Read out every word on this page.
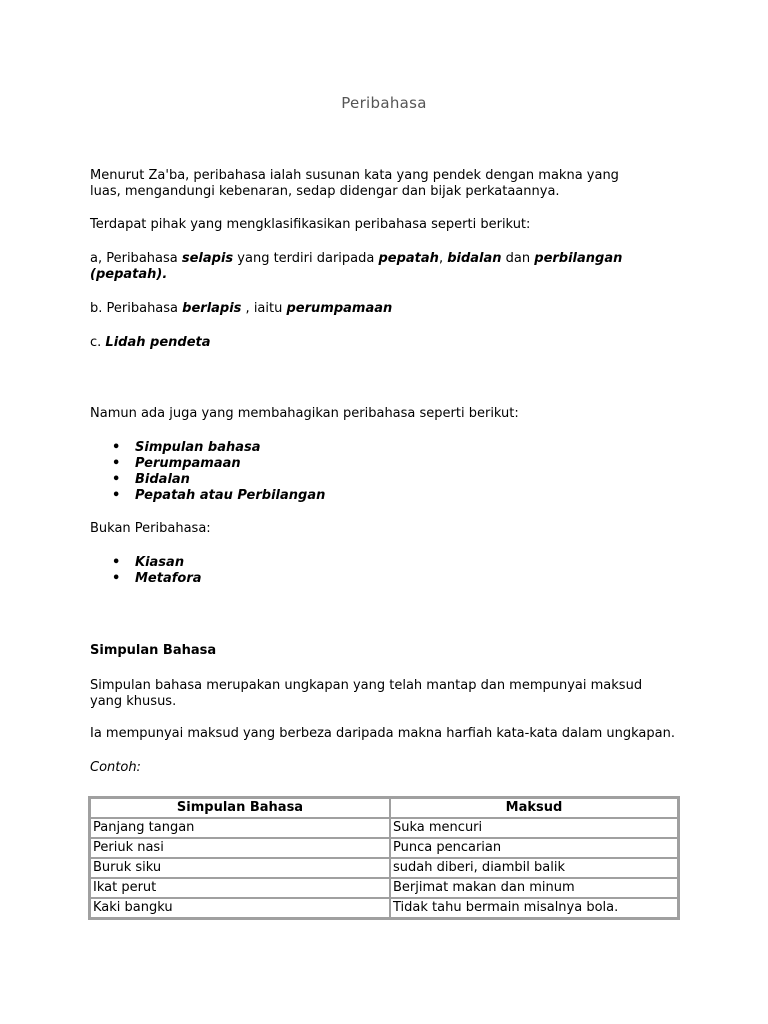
Peribahasa
Menurut Za'ba, peribahasa ialah susunan kata yang pendek dengan makna yang luas, mengandungi kebenaran, sedap didengar dan bijak perkataannya.
Terdapat pihak yang mengklasifikasikan peribahasa seperti berikut:
a, Peribahasa selapis yang terdiri daripada pepatah, bidalan dan perbilangan (pepatah).
b. Peribahasa berlapis , iaitu perumpamaan
c. Lidah pendeta
Namun ada juga yang membahagikan peribahasa seperti berikut:
• Simpulan bahasa
• Perumpamaan
• Bidalan
• Pepatah atau Perbilangan
Bukan Peribahasa:
• Kiasan
• Metafora
Simpulan Bahasa
Simpulan bahasa merupakan ungkapan yang telah mantap dan mempunyai maksud yang khusus.
Ia mempunyai maksud yang berbeza daripada makna harfiah kata-kata dalam ungkapan.
Contoh:
Simpulan Bahasa	Maksud
Panjang tangan	Suka mencuri
Periuk nasi	Punca pencarian
Buruk siku	sudah diberi, diambil balik
Ikat perut	Berjimat makan dan minum
Kaki bangku	Tidak tahu bermain misalnya bola.
